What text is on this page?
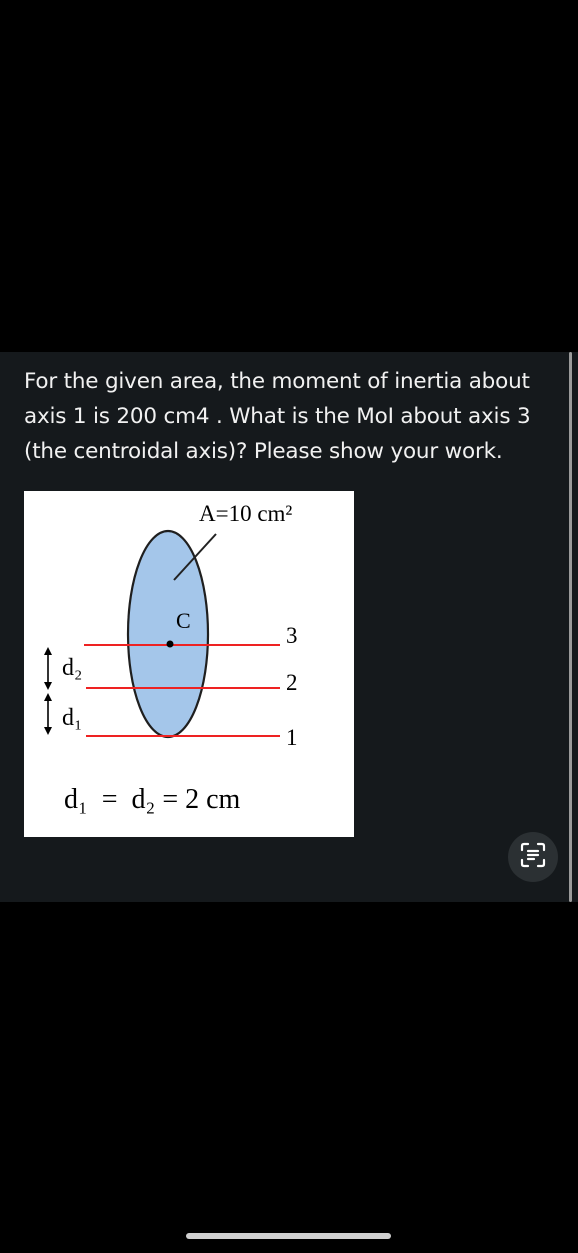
For the given area, the moment of inertia about axis 1 is 200 cm4 . What is the MoI about axis 3 (the centroidal axis)? Please show your work.
A=10 cm²
C
3
2
1
d₂
d₁
d₁  =  d₂ = 2 cm
